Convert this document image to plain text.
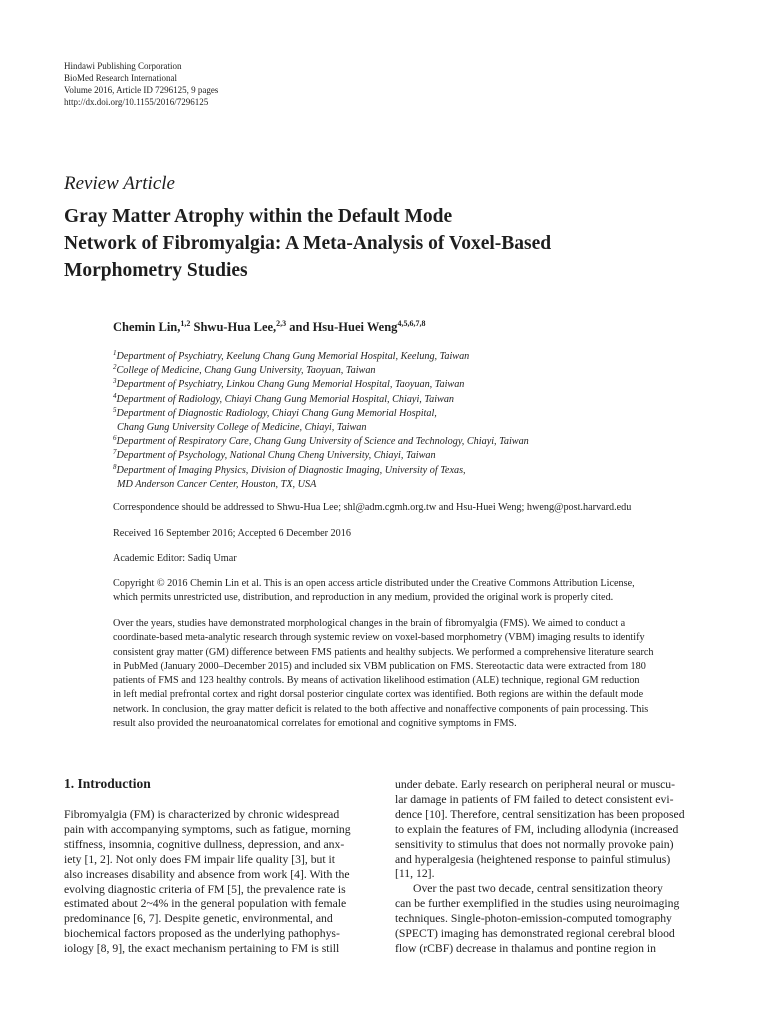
Hindawi Publishing Corporation
BioMed Research International
Volume 2016, Article ID 7296125, 9 pages
http://dx.doi.org/10.1155/2016/7296125
Review Article
Gray Matter Atrophy within the Default Mode
Network of Fibromyalgia: A Meta-Analysis of Voxel-Based
Morphometry Studies
Chemin Lin,$^{1,2}$ Shwu-Hua Lee,$^{2,3}$ and Hsu-Huei Weng$^{4,5,6,7,8}$
$^1$Department of Psychiatry, Keelung Chang Gung Memorial Hospital, Keelung, Taiwan
$^2$College of Medicine, Chang Gung University, Taoyuan, Taiwan
$^3$Department of Psychiatry, Linkou Chang Gung Memorial Hospital, Taoyuan, Taiwan
$^4$Department of Radiology, Chiayi Chang Gung Memorial Hospital, Chiayi, Taiwan
$^5$Department of Diagnostic Radiology, Chiayi Chang Gung Memorial Hospital,
Chang Gung University College of Medicine, Chiayi, Taiwan
$^6$Department of Respiratory Care, Chang Gung University of Science and Technology, Chiayi, Taiwan
$^7$Department of Psychology, National Chung Cheng University, Chiayi, Taiwan
$^8$Department of Imaging Physics, Division of Diagnostic Imaging, University of Texas,
MD Anderson Cancer Center, Houston, TX, USA
Correspondence should be addressed to Shwu-Hua Lee; shl@adm.cgmh.org.tw and Hsu-Huei Weng; hweng@post.harvard.edu
Received 16 September 2016; Accepted 6 December 2016
Academic Editor: Sadiq Umar
Copyright © 2016 Chemin Lin et al. This is an open access article distributed under the Creative Commons Attribution License,
which permits unrestricted use, distribution, and reproduction in any medium, provided the original work is properly cited.
Over the years, studies have demonstrated morphological changes in the brain of fibromyalgia (FMS). We aimed to conduct a
coordinate-based meta-analytic research through systemic review on voxel-based morphometry (VBM) imaging results to identify
consistent gray matter (GM) difference between FMS patients and healthy subjects. We performed a comprehensive literature search
in PubMed (January 2000–December 2015) and included six VBM publication on FMS. Stereotactic data were extracted from 180
patients of FMS and 123 healthy controls. By means of activation likelihood estimation (ALE) technique, regional GM reduction
in left medial prefrontal cortex and right dorsal posterior cingulate cortex was identified. Both regions are within the default mode
network. In conclusion, the gray matter deficit is related to the both affective and nonaffective components of pain processing. This
result also provided the neuroanatomical correlates for emotional and cognitive symptoms in FMS.
1. Introduction
Fibromyalgia (FM) is characterized by chronic widespread
pain with accompanying symptoms, such as fatigue, morning
stiffness, insomnia, cognitive dullness, depression, and anx-
iety [1, 2]. Not only does FM impair life quality [3], but it
also increases disability and absence from work [4]. With the
evolving diagnostic criteria of FM [5], the prevalence rate is
estimated about 2~4% in the general population with female
predominance [6, 7]. Despite genetic, environmental, and
biochemical factors proposed as the underlying pathophys-
iology [8, 9], the exact mechanism pertaining to FM is still
under debate. Early research on peripheral neural or muscu-
lar damage in patients of FM failed to detect consistent evi-
dence [10]. Therefore, central sensitization has been proposed
to explain the features of FM, including allodynia (increased
sensitivity to stimulus that does not normally provoke pain)
and hyperalgesia (heightened response to painful stimulus)
[11, 12].
Over the past two decade, central sensitization theory
can be further exemplified in the studies using neuroimaging
techniques. Single-photon-emission-computed tomography
(SPECT) imaging has demonstrated regional cerebral blood
flow (rCBF) decrease in thalamus and pontine region in
